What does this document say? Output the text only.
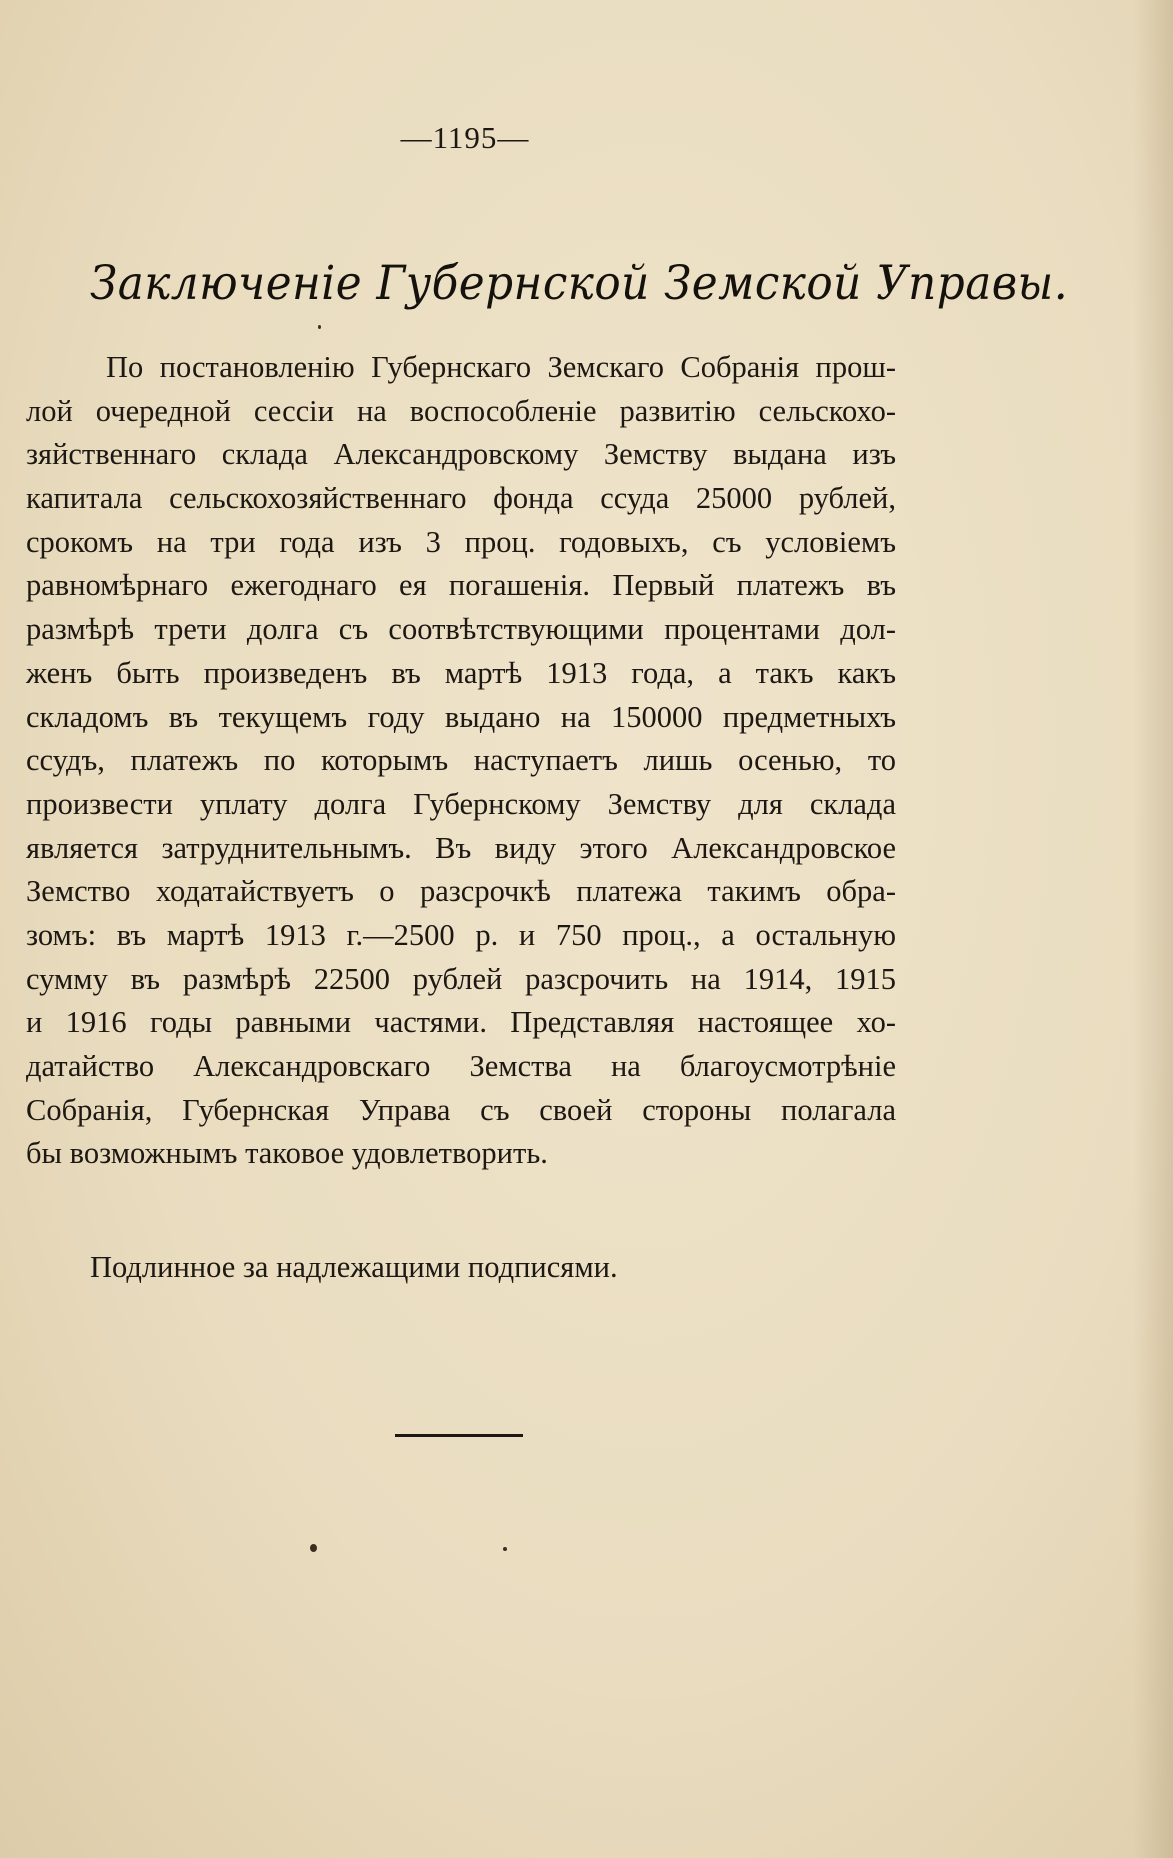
—1195—
Заключеніе Губернской Земской Управы.
По постановленію Губернскаго Земскаго Собранія прош-
лой очередной сессіи на воспособленіе развитію сельскохо-
зяйственнаго склада Александровскому Земству выдана изъ
капитала сельскохозяйственнаго фонда ссуда 25000 рублей,
срокомъ на три года изъ 3 проц. годовыхъ, съ условіемъ
равномѣрнаго ежегоднаго ея погашенія. Первый платежъ въ
размѣрѣ трети долга съ соотвѣтствующими процентами дол-
женъ быть произведенъ въ мартѣ 1913 года, а такъ какъ
складомъ въ текущемъ году выдано на 150000 предметныхъ
ссудъ, платежъ по которымъ наступаетъ лишь осенью, то
произвести уплату долга Губернскому Земству для склада
является затруднительнымъ. Въ виду этого Александровское
Земство ходатайствуетъ о разсрочкѣ платежа такимъ обра-
зомъ: въ мартѣ 1913 г.—2500 р. и 750 проц., а остальную
сумму въ размѣрѣ 22500 рублей разсрочить на 1914, 1915
и 1916 годы равными частями. Представляя настоящее хо-
датайство Александровскаго Земства на благоусмотрѣніе
Собранія, Губернская Управа съ своей стороны полагала
бы возможнымъ таковое удовлетворить.
Подлинное за надлежащими подписями.
